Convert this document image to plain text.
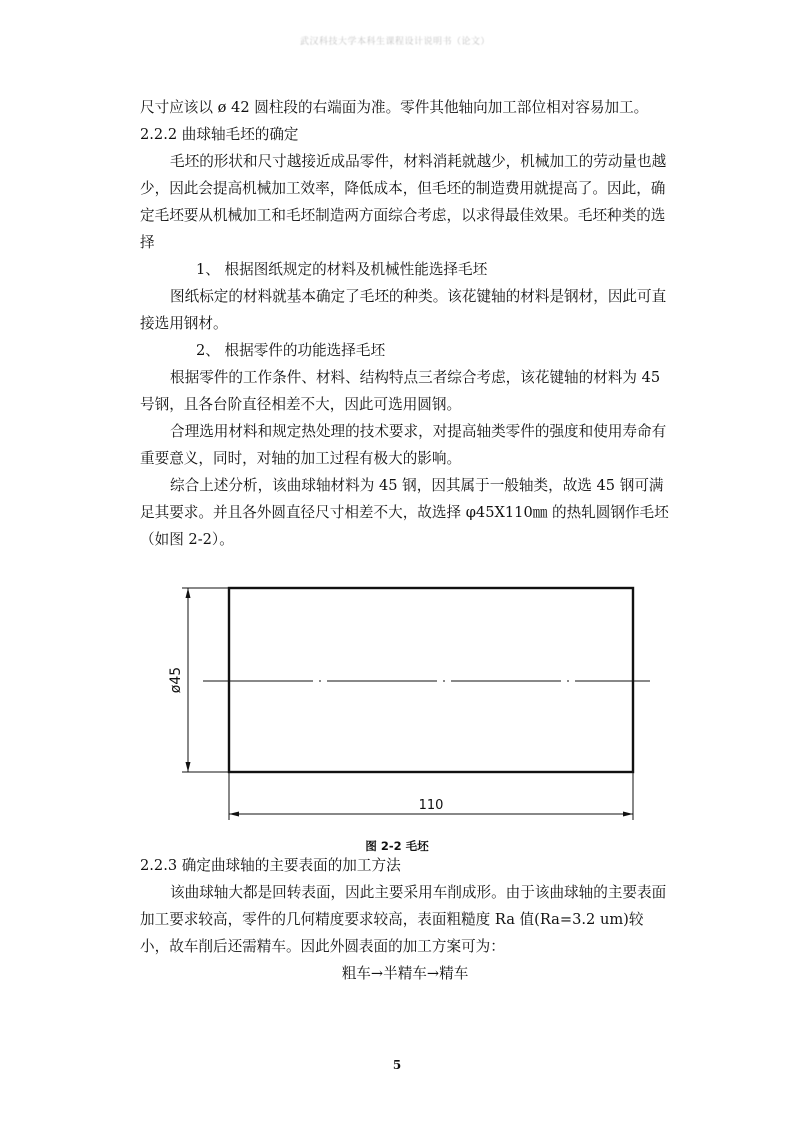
武汉科技大学本科生课程设计说明书（论文）

尺寸应该以 ø 42 圆柱段的右端面为准。零件其他轴向加工部位相对容易加工。

2.2.2 曲球轴毛坯的确定

毛坯的形状和尺寸越接近成品零件，材料消耗就越少，机械加工的劳动量也越少，因此会提高机械加工效率，降低成本，但毛坯的制造费用就提高了。因此，确定毛坯要从机械加工和毛坯制造两方面综合考虑，以求得最佳效果。毛坯种类的选择

1、 根据图纸规定的材料及机械性能选择毛坯

图纸标定的材料就基本确定了毛坯的种类。该花键轴的材料是钢材，因此可直接选用钢材。

2、 根据零件的功能选择毛坯

根据零件的工作条件、材料、结构特点三者综合考虑，该花键轴的材料为 45 号钢，且各台阶直径相差不大，因此可选用圆钢。

合理选用材料和规定热处理的技术要求，对提高轴类零件的强度和使用寿命有重要意义，同时，对轴的加工过程有极大的影响。

综合上述分析，该曲球轴材料为 45 钢，因其属于一般轴类，故选 45 钢可满足其要求。并且各外圆直径尺寸相差不大，故选择 φ45X110㎜ 的热轧圆钢作毛坯（如图 2-2）。

ø45
110
图 2-2 毛坯

2.2.3 确定曲球轴的主要表面的加工方法

该曲球轴大都是回转表面，因此主要采用车削成形。由于该曲球轴的主要表面加工要求较高，零件的几何精度要求较高，表面粗糙度 Ra 值(Ra=3.2 um)较小，故车削后还需精车。因此外圆表面的加工方案可为：

粗车→半精车→精车

5
